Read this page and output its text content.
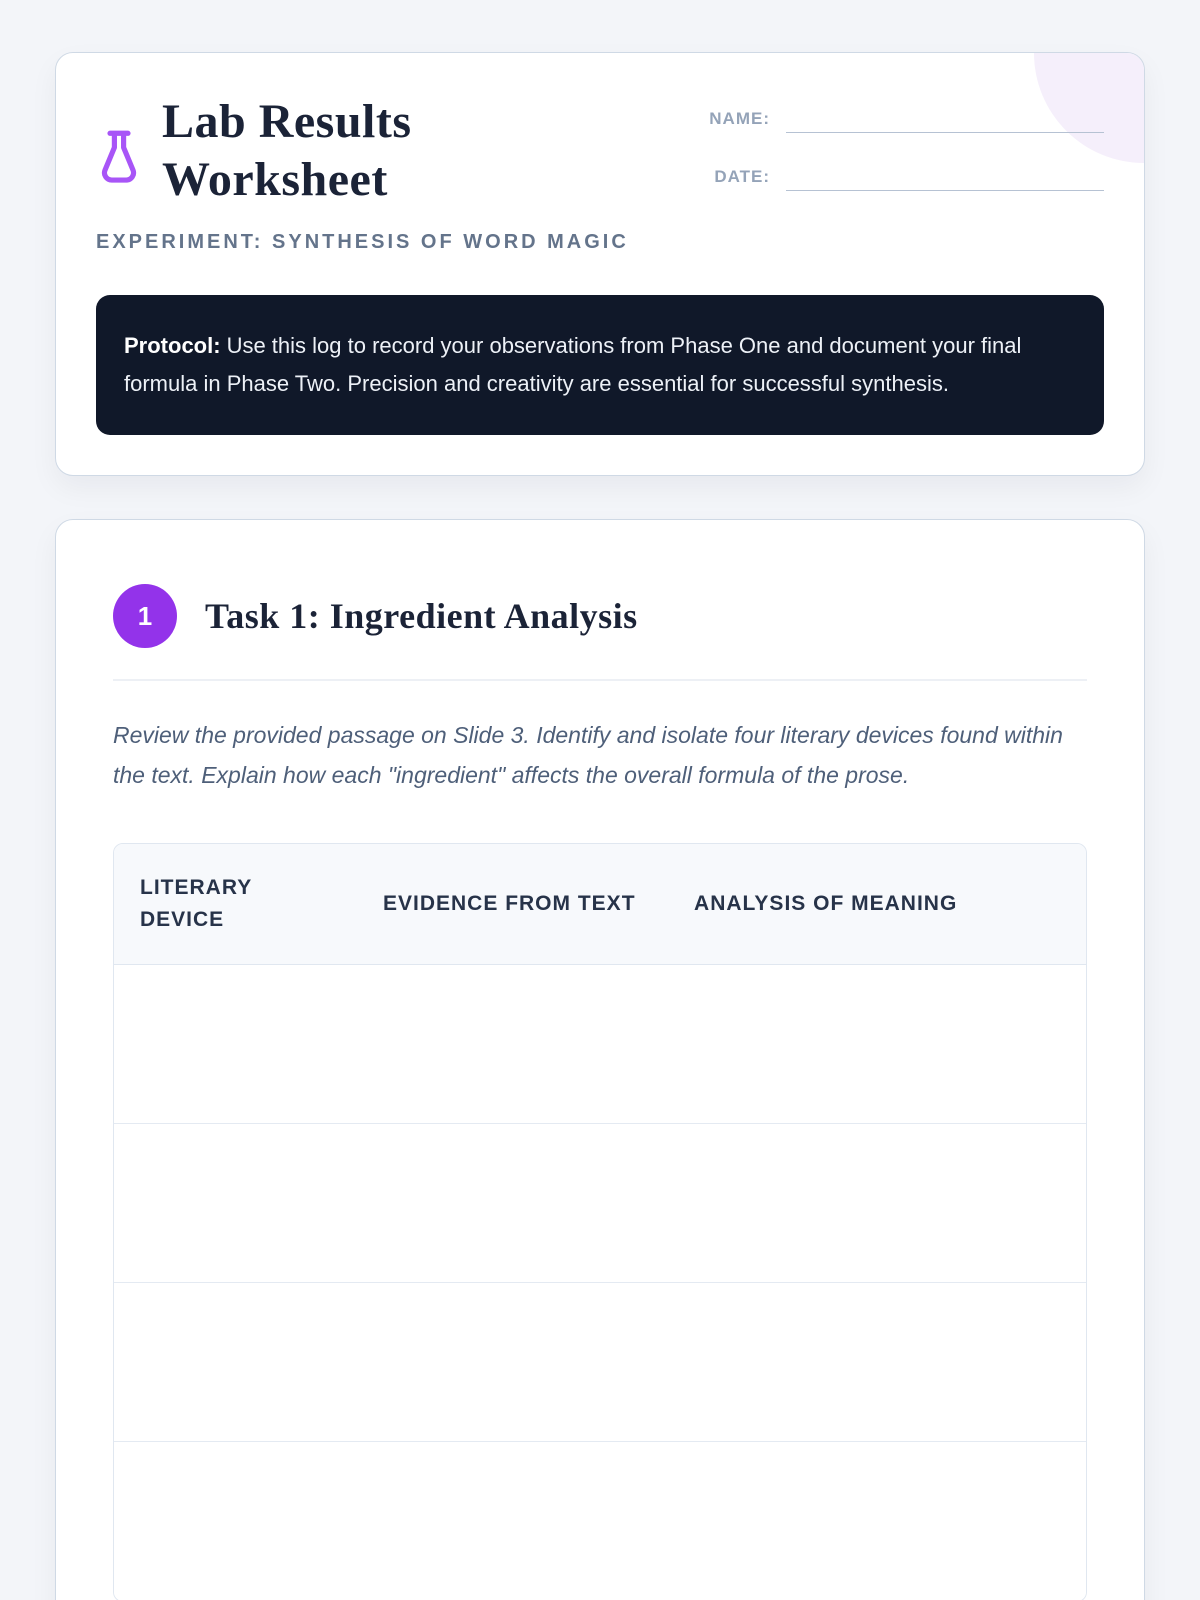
Lab Results
Worksheet
EXPERIMENT: SYNTHESIS OF WORD MAGIC
NAME:
DATE:
Protocol: Use this log to record your observations from Phase One and document your final formula in Phase Two. Precision and creativity are essential for successful synthesis.
1	Task 1: Ingredient Analysis

Review the provided passage on Slide 3. Identify and isolate four literary devices found within the text. Explain how each "ingredient" affects the overall formula of the prose.

LITERARY DEVICE	EVIDENCE FROM TEXT	ANALYSIS OF MEANING
